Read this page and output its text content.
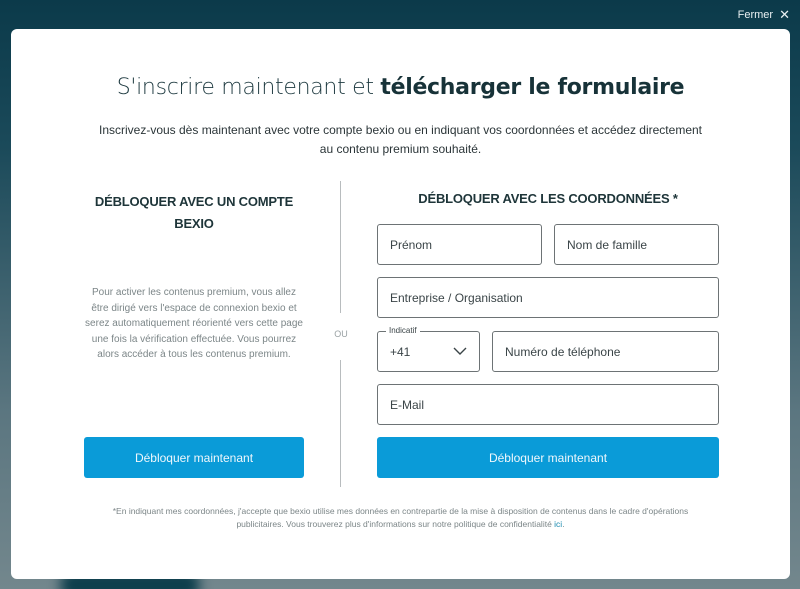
Fermer ✕
S'inscrire maintenant et télécharger le formulaire
Inscrivez-vous dès maintenant avec votre compte bexio ou en indiquant vos coordonnées et accédez directement au contenu premium souhaité.
DÉBLOQUER AVEC UN COMPTE BEXIO

Pour activer les contenus premium, vous allez être dirigé vers l'espace de connexion bexio et serez automatiquement réorienté vers cette page une fois la vérification effectuée. Vous pourrez alors accéder à tous les contenus premium.

Débloquer maintenant
OU
DÉBLOQUER AVEC LES COORDONNÉES *
Prénom	Nom de famille
Entreprise / Organisation
Indicatif
+41	Numéro de téléphone
E-Mail
Débloquer maintenant

*En indiquant mes coordonnées, j'accepte que bexio utilise mes données en contrepartie de la mise à disposition de contenus dans le cadre d'opérations publicitaires. Vous trouverez plus d'informations sur notre politique de confidentialité ici.
